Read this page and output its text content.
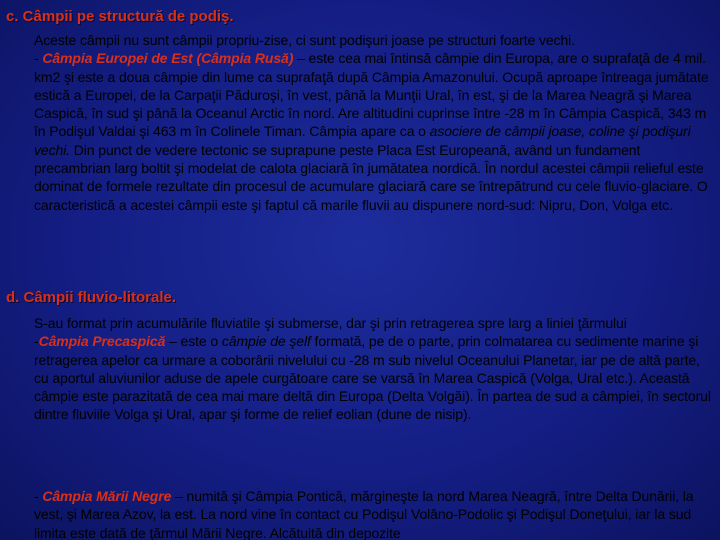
c. Câmpii pe structură de podiş.

Aceste câmpii nu sunt câmpii propriu-zise, ci sunt podişuri joase pe structuri foarte vechi.
- Câmpia Europei de Est (Câmpia Rusă) – este cea mai întinsă câmpie din Europa, are o suprafaţă de 4 mil. km2 şi este a doua câmpie din lume ca suprafaţă după Câmpia Amazonului. Ocupă aproape întreaga jumătate estică a Europei, de la Carpaţii Păduroşi, în vest, până la Munţii Ural, în est, şi de la Marea Neagră şi Marea Caspică, în sud şi până la Oceanul Arctic în nord. Are altitudini cuprinse între -28 m în Câmpia Caspică, 343 m în Podişul Valdai şi 463 m în Colinele Timan. Câmpia apare ca o asociere de câmpii joase, coline şi podişuri vechi. Din punct de vedere tectonic se suprapune peste Placa Est Europeană, având un fundament precambrian larg boltit şi modelat de calota glaciară în jumătatea nordică. În nordul acestei câmpii relieful este dominat de formele rezultate din procesul de acumulare glaciară care se întrepătrund cu cele fluvio-glaciare. O caracteristică a acestei câmpii este şi faptul că marile fluvii au dispunere nord-sud: Nipru, Don, Volga etc.

d. Câmpii fluvio-litorale.

S-au format prin acumulările fluviatile şi submerse, dar şi prin retragerea spre larg a liniei ţărmului
-Câmpia Precaspică – este o câmpie de şelf formată, pe de o parte, prin colmatarea cu sedimente marine şi retragerea apelor ca urmare a coborârii nivelului cu -28 m sub nivelul Oceanului Planetar, iar pe de altă parte, cu aportul aluviunilor aduse de apele curgătoare care se varsă în Marea Caspică (Volga, Ural etc.). Această câmpie este parazitată de cea mai mare deltă din Europa (Delta Volgăi). În partea de sud a câmpiei, în sectorul dintre fluviile Volga şi Ural, apar şi forme de relief eolian (dune de nisip).

- Câmpia Mării Negre – numită şi Câmpia Pontică, mărgineşte la nord Marea Neagră, între Delta Dunării, la vest, şi Marea Azov, la est. La nord vine în contact cu Podişul Volâno-Podolic şi Podişul Doneţului, iar la sud limita este dată de ţărmul Mării Negre. Alcătuită din depozite
